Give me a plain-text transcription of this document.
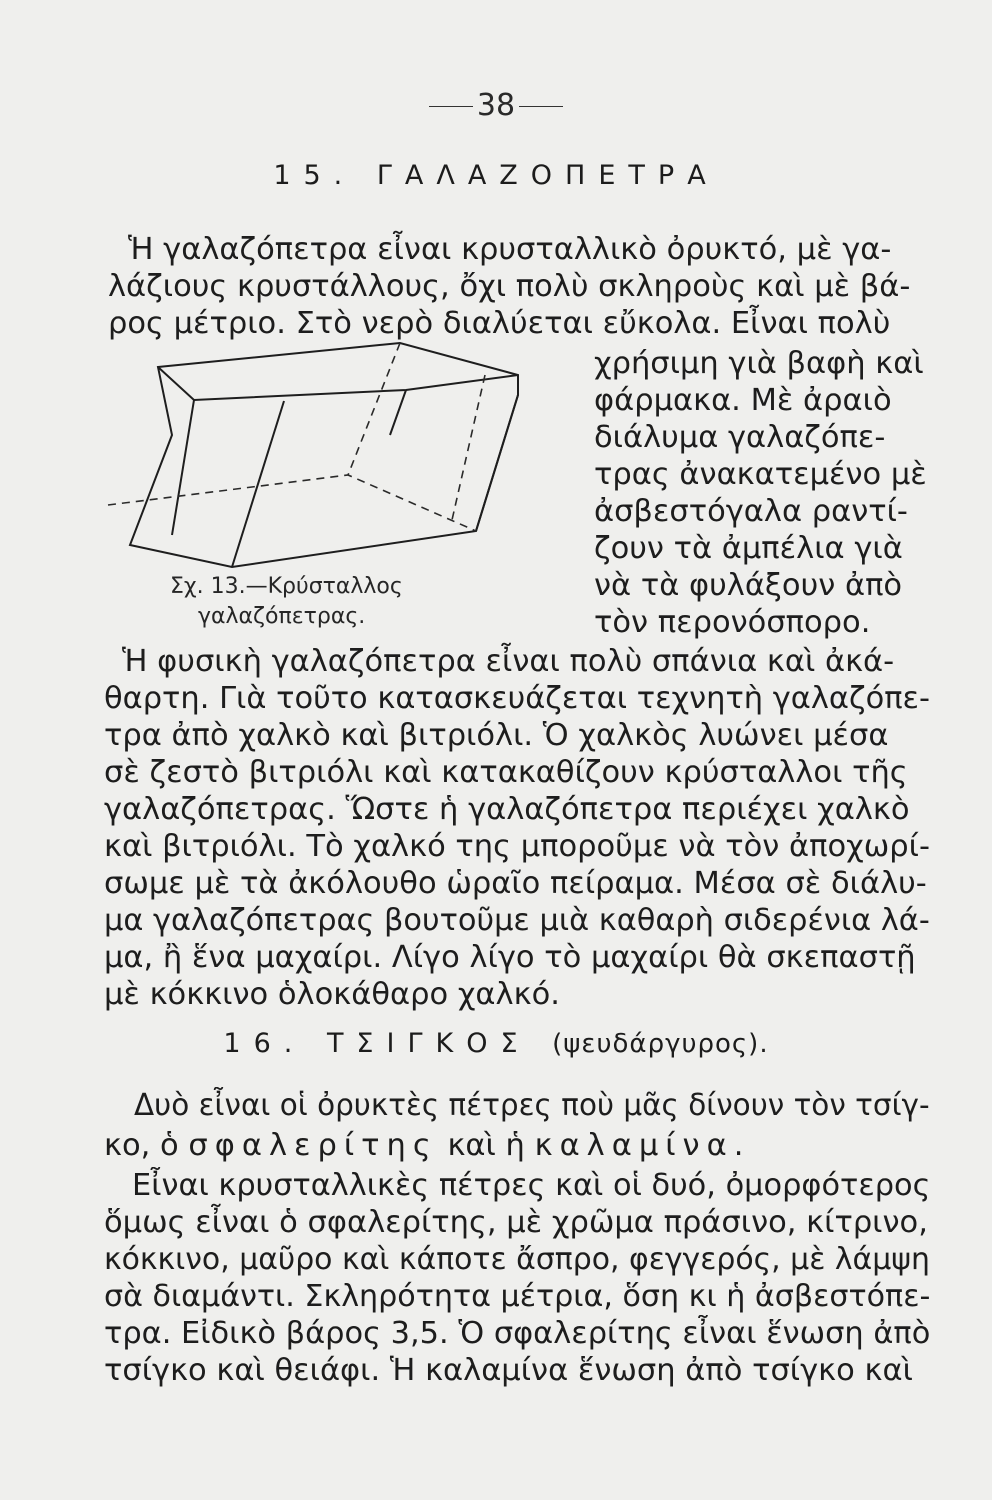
38
15. ΓΑΛΑΖΟΠΕΤΡΑ
Ἡ γαλαζόπετρα εἶναι κρυσταλλικὸ ὀρυκτό, μὲ γα-
λάζιους κρυστάλλους, ὄχι πολὺ σκληροὺς καὶ μὲ βά-
ρος μέτριο. Στὸ νερὸ διαλύεται εὔκολα. Εἶναι πολὺ
Σχ. 13.—Κρύσταλλος
γαλαζόπετρας.
χρήσιμη γιὰ βαφὴ καὶ
φάρμακα. Μὲ ἀραιὸ
διάλυμα γαλαζόπε-
τρας ἀνακατεμένο μὲ
ἀσβεστόγαλα ραντί-
ζουν τὰ ἀμπέλια γιὰ
νὰ τὰ φυλάξουν ἀπὸ
τὸν περονόσπορο.
Ἡ φυσικὴ γαλαζόπετρα εἶναι πολὺ σπάνια καὶ ἀκά-
θαρτη. Γιὰ τοῦτο κατασκευάζεται τεχνητὴ γαλαζόπε-
τρα ἀπὸ χαλκὸ καὶ βιτριόλι. Ὁ χαλκὸς λυώνει μέσα
σὲ ζεστὸ βιτριόλι καὶ κατακαθίζουν κρύσταλλοι τῆς
γαλαζόπετρας. Ὥστε ἡ γαλαζόπετρα περιέχει χαλκὸ
καὶ βιτριόλι. Τὸ χαλκό της μποροῦμε νὰ τὸν ἀποχωρί-
σωμε μὲ τὰ ἀκόλουθο ὡραῖο πείραμα. Μέσα σὲ διάλυ-
μα γαλαζόπετρας βουτοῦμε μιὰ καθαρὴ σιδερένια λά-
μα, ἢ ἕνα μαχαίρι. Λίγο λίγο τὸ μαχαίρι θὰ σκεπαστῇ
μὲ κόκκινο ὁλοκάθαρο χαλκό.
16. ΤΣΙΓΚΟΣ (ψευδάργυρος).
Δυὸ εἶναι οἱ ὀρυκτὲς πέτρες ποὺ μᾶς δίνουν τὸν τσίγ-
κο, ὁ σφαλερίτης καὶ ἡ καλαμίνα.
Εἶναι κρυσταλλικὲς πέτρες καὶ οἱ δυό, ὀμορφότερος
ὅμως εἶναι ὁ σφαλερίτης, μὲ χρῶμα πράσινο, κίτρινο,
κόκκινο, μαῦρο καὶ κάποτε ἄσπρο, φεγγερός, μὲ λάμψη
σὰ διαμάντι. Σκληρότητα μέτρια, ὅση κι ἡ ἀσβεστόπε-
τρα. Εἰδικὸ βάρος 3,5. Ὁ σφαλερίτης εἶναι ἕνωση ἀπὸ
τσίγκο καὶ θειάφι. Ἡ καλαμίνα ἕνωση ἀπὸ τσίγκο καὶ
